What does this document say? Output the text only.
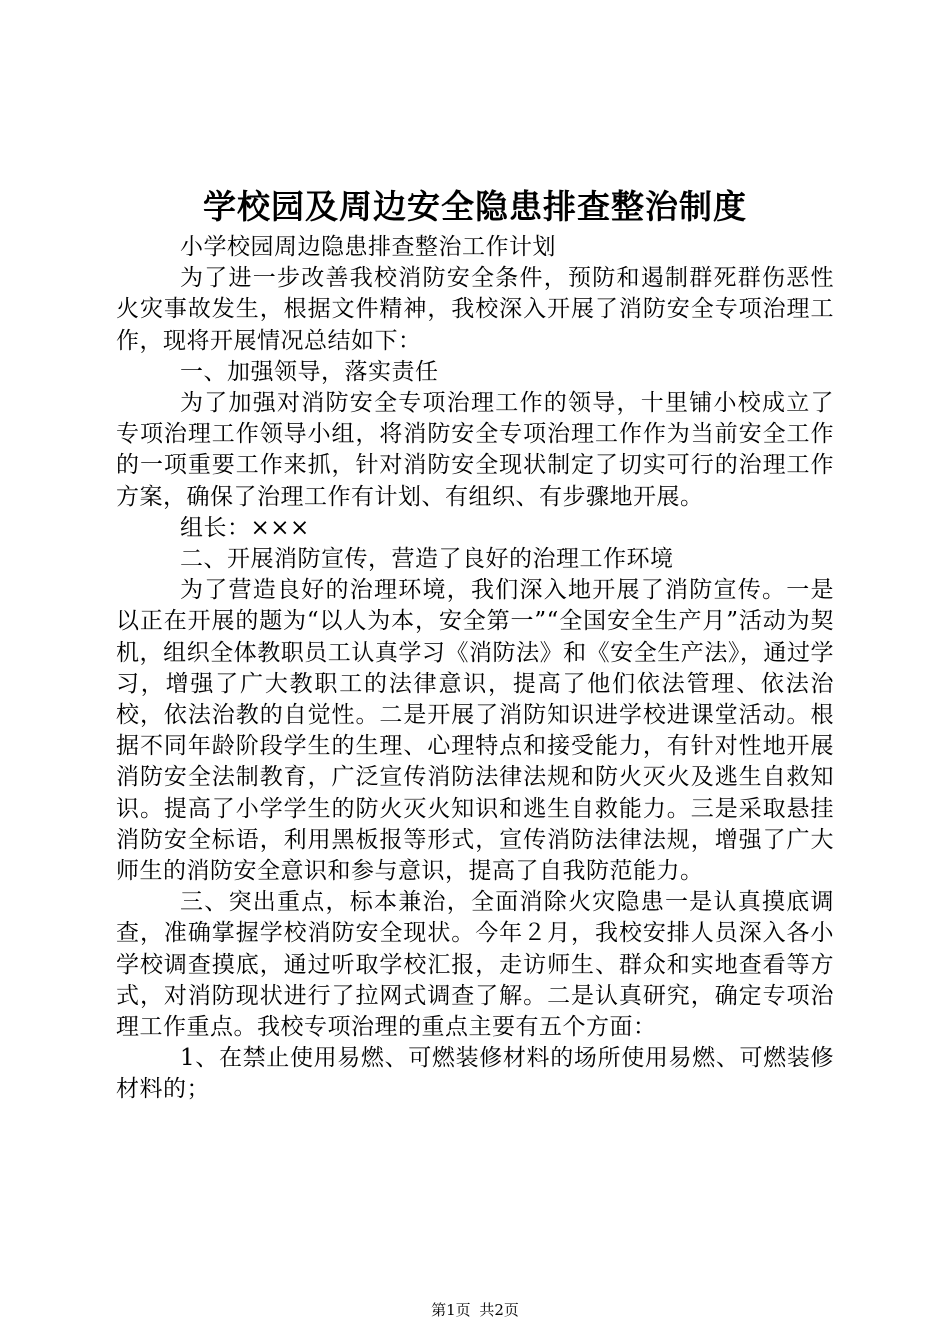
学校园及周边安全隐患排查整治制度

小学校园周边隐患排查整治工作计划

为了进一步改善我校消防安全条件，预防和遏制群死群伤恶性火灾事故发生，根据文件精神，我校深入开展了消防安全专项治理工作，现将开展情况总结如下：

一、加强领导，落实责任

为了加强对消防安全专项治理工作的领导，十里铺小校成立了专项治理工作领导小组，将消防安全专项治理工作作为当前安全工作的一项重要工作来抓，针对消防安全现状制定了切实可行的治理工作方案，确保了治理工作有计划、有组织、有步骤地开展。

组长：×××

二、开展消防宣传，营造了良好的治理工作环境

为了营造良好的治理环境，我们深入地开展了消防宣传。一是以正在开展的题为“以人为本，安全第一”“全国安全生产月”活动为契机，组织全体教职员工认真学习《消防法》和《安全生产法》，通过学习，增强了广大教职工的法律意识，提高了他们依法管理、依法治校，依法治教的自觉性。二是开展了消防知识进学校进课堂活动。根据不同年龄阶段学生的生理、心理特点和接受能力，有针对性地开展消防安全法制教育，广泛宣传消防法律法规和防火灭火及逃生自救知识。提高了小学学生的防火灭火知识和逃生自救能力。三是采取悬挂消防安全标语，利用黑板报等形式，宣传消防法律法规，增强了广大师生的消防安全意识和参与意识，提高了自我防范能力。

三、突出重点，标本兼治，全面消除火灾隐患一是认真摸底调查，准确掌握学校消防安全现状。今年２月，我校安排人员深入各小学校调查摸底，通过听取学校汇报，走访师生、群众和实地查看等方式，对消防现状进行了拉网式调查了解。二是认真研究，确定专项治理工作重点。我校专项治理的重点主要有五个方面：

1、在禁止使用易燃、可燃装修材料的场所使用易燃、可燃装修材料的；

第1页 共2页
